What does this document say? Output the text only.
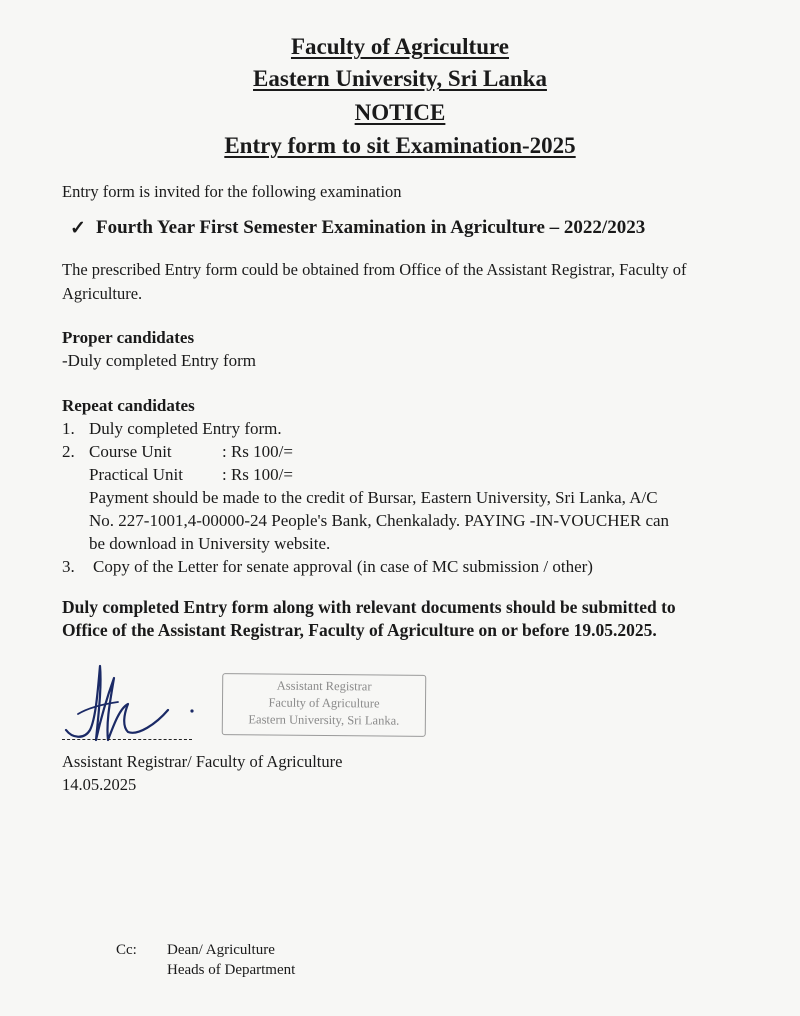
Faculty of Agriculture
Eastern University, Sri Lanka
NOTICE
Entry form to sit Examination-2025
Entry form is invited for the following examination
✓ Fourth Year First Semester Examination in Agriculture – 2022/2023
The prescribed Entry form could be obtained from Office of the Assistant Registrar, Faculty of
Agriculture.
Proper candidates
-Duly completed Entry form
Repeat candidates
1. Duly completed Entry form.
2. Course Unit	: Rs 100/=
Practical Unit : Rs 100/=
Payment should be made to the credit of Bursar, Eastern University, Sri Lanka, A/C
No. 227-1001,4-00000-24 People's Bank, Chenkalady. PAYING -IN-VOUCHER can
be download in University website.
3. Copy of the Letter for senate approval (in case of MC submission / other)
Duly completed Entry form along with relevant documents should be submitted to
Office of the Assistant Registrar, Faculty of Agriculture on or before 19.05.2025.
Assistant Registrar
Faculty of Agriculture
Eastern University, Sri Lanka.
Assistant Registrar/ Faculty of Agriculture
14.05.2025
Cc: Dean/ Agriculture
Heads of Department
